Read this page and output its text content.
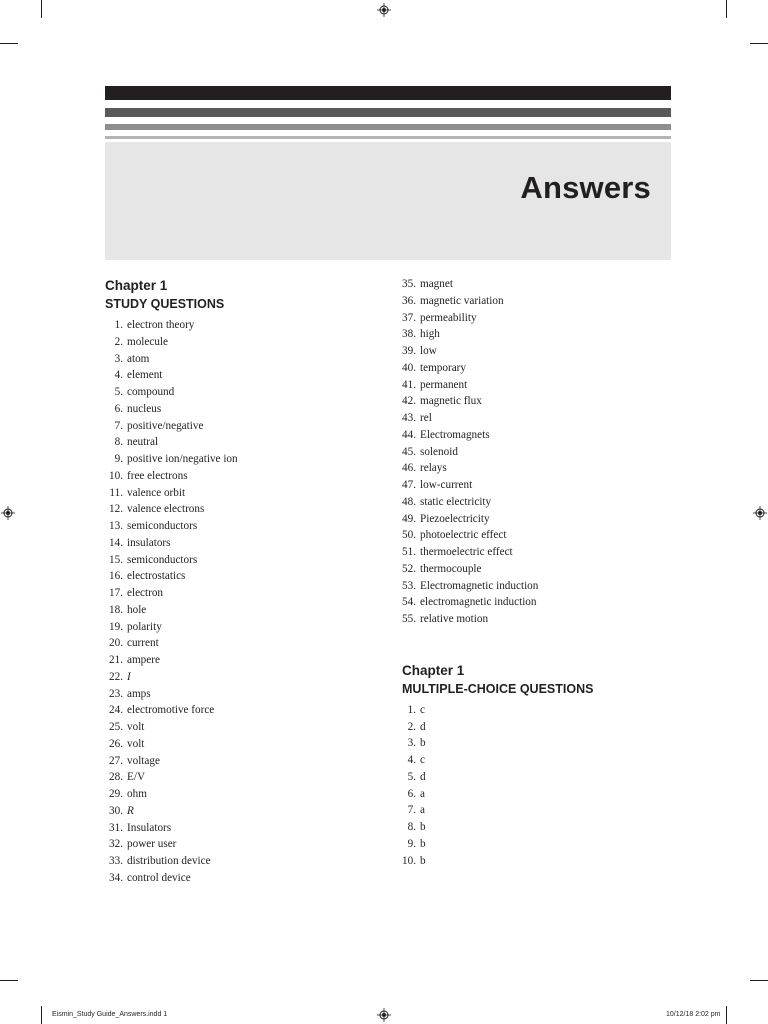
Answers

Chapter 1

STUDY QUESTIONS

1. electron theory
2. molecule
3. atom
4. element
5. compound
6. nucleus
7. positive/negative
8. neutral
9. positive ion/negative ion
10. free electrons
11. valence orbit
12. valence electrons
13. semiconductors
14. insulators
15. semiconductors
16. electrostatics
17. electron
18. hole
19. polarity
20. current
21. ampere
22. I
23. amps
24. electromotive force
25. volt
26. volt
27. voltage
28. E/V
29. ohm
30. R
31. Insulators
32. power user
33. distribution device
34. control device
35. magnet
36. magnetic variation
37. permeability
38. high
39. low
40. temporary
41. permanent
42. magnetic flux
43. rel
44. Electromagnets
45. solenoid
46. relays
47. low-current
48. static electricity
49. Piezoelectricity
50. photoelectric effect
51. thermoelectric effect
52. thermocouple
53. Electromagnetic induction
54. electromagnetic induction
55. relative motion

Chapter 1

MULTIPLE-CHOICE QUESTIONS

1. c
2. d
3. b
4. c
5. d
6. a
7. a
8. b
9. b
10. b
Eismin_Study Guide_Answers.indd 1	10/12/18 2:02 pm
